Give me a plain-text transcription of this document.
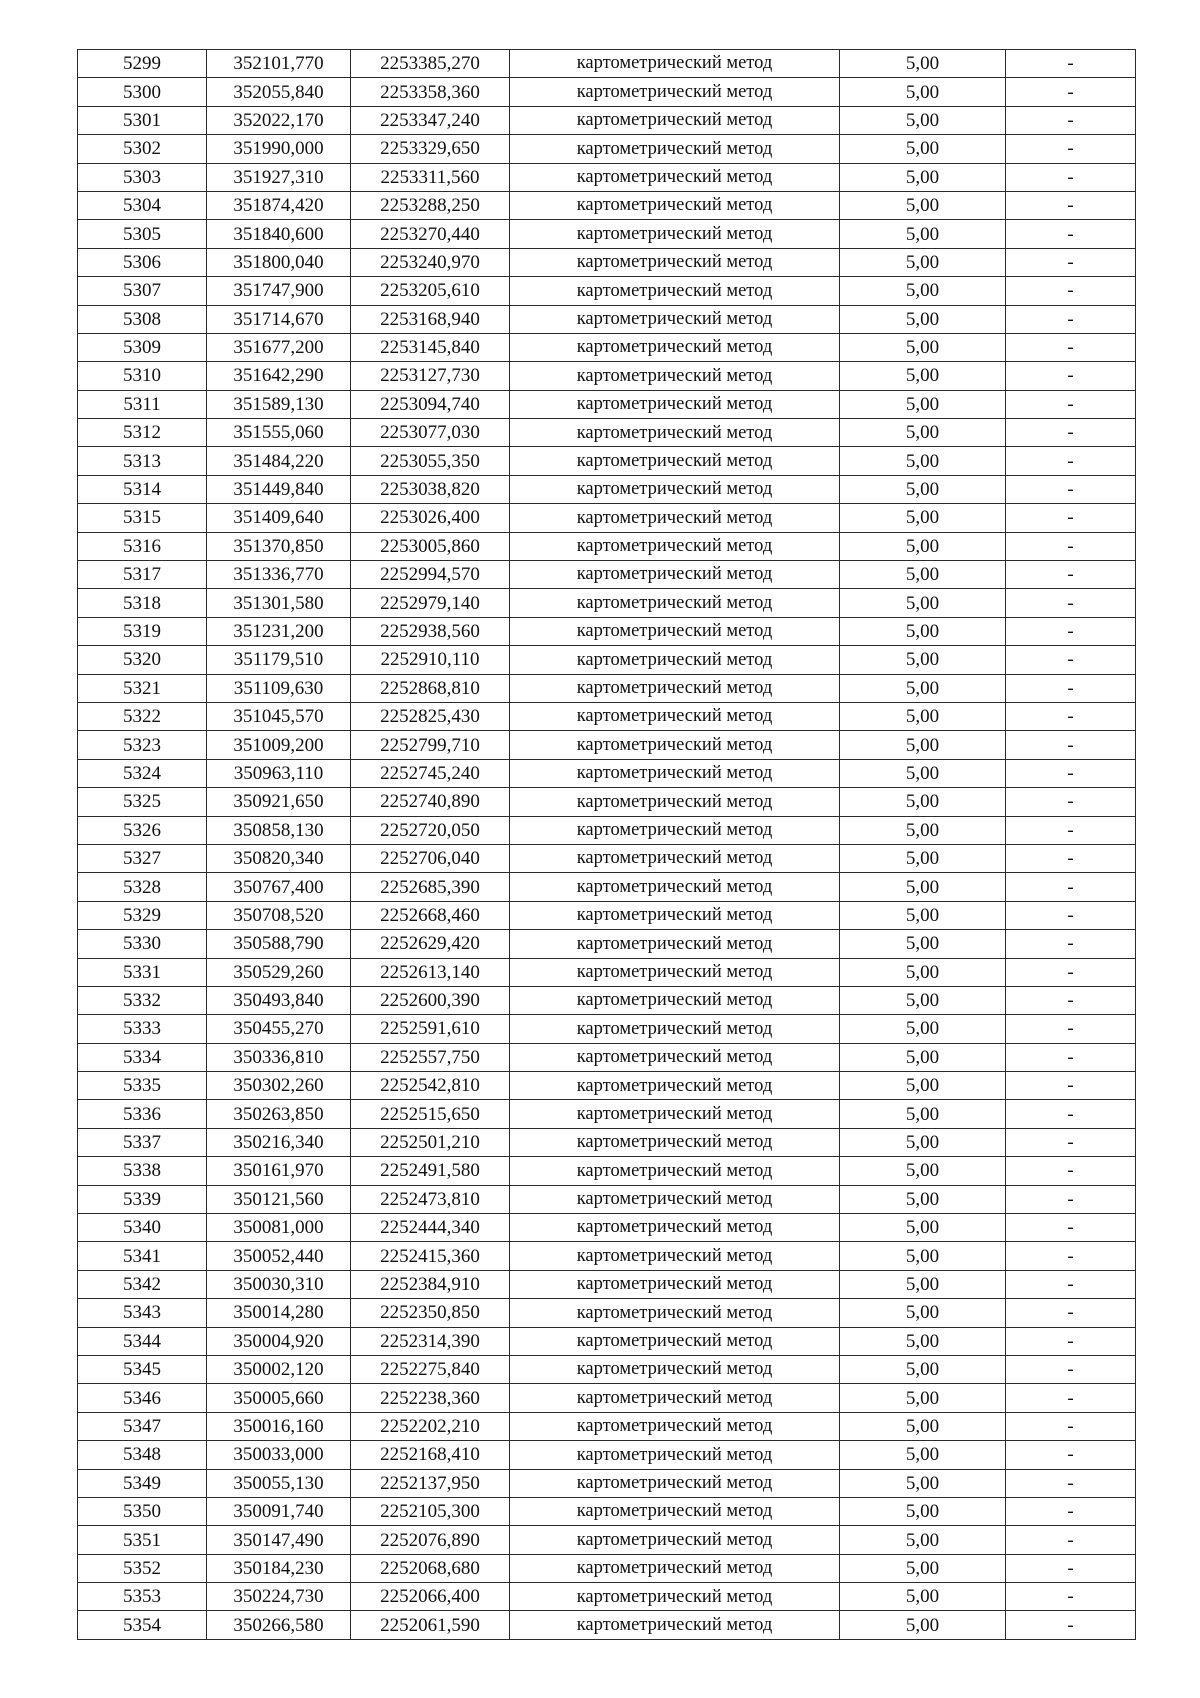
5299	352101,770	2253385,270	картометрический метод	5,00	-
5300	352055,840	2253358,360	картометрический метод	5,00	-
5301	352022,170	2253347,240	картометрический метод	5,00	-
5302	351990,000	2253329,650	картометрический метод	5,00	-
5303	351927,310	2253311,560	картометрический метод	5,00	-
5304	351874,420	2253288,250	картометрический метод	5,00	-
5305	351840,600	2253270,440	картометрический метод	5,00	-
5306	351800,040	2253240,970	картометрический метод	5,00	-
5307	351747,900	2253205,610	картометрический метод	5,00	-
5308	351714,670	2253168,940	картометрический метод	5,00	-
5309	351677,200	2253145,840	картометрический метод	5,00	-
5310	351642,290	2253127,730	картометрический метод	5,00	-
5311	351589,130	2253094,740	картометрический метод	5,00	-
5312	351555,060	2253077,030	картометрический метод	5,00	-
5313	351484,220	2253055,350	картометрический метод	5,00	-
5314	351449,840	2253038,820	картометрический метод	5,00	-
5315	351409,640	2253026,400	картометрический метод	5,00	-
5316	351370,850	2253005,860	картометрический метод	5,00	-
5317	351336,770	2252994,570	картометрический метод	5,00	-
5318	351301,580	2252979,140	картометрический метод	5,00	-
5319	351231,200	2252938,560	картометрический метод	5,00	-
5320	351179,510	2252910,110	картометрический метод	5,00	-
5321	351109,630	2252868,810	картометрический метод	5,00	-
5322	351045,570	2252825,430	картометрический метод	5,00	-
5323	351009,200	2252799,710	картометрический метод	5,00	-
5324	350963,110	2252745,240	картометрический метод	5,00	-
5325	350921,650	2252740,890	картометрический метод	5,00	-
5326	350858,130	2252720,050	картометрический метод	5,00	-
5327	350820,340	2252706,040	картометрический метод	5,00	-
5328	350767,400	2252685,390	картометрический метод	5,00	-
5329	350708,520	2252668,460	картометрический метод	5,00	-
5330	350588,790	2252629,420	картометрический метод	5,00	-
5331	350529,260	2252613,140	картометрический метод	5,00	-
5332	350493,840	2252600,390	картометрический метод	5,00	-
5333	350455,270	2252591,610	картометрический метод	5,00	-
5334	350336,810	2252557,750	картометрический метод	5,00	-
5335	350302,260	2252542,810	картометрический метод	5,00	-
5336	350263,850	2252515,650	картометрический метод	5,00	-
5337	350216,340	2252501,210	картометрический метод	5,00	-
5338	350161,970	2252491,580	картометрический метод	5,00	-
5339	350121,560	2252473,810	картометрический метод	5,00	-
5340	350081,000	2252444,340	картометрический метод	5,00	-
5341	350052,440	2252415,360	картометрический метод	5,00	-
5342	350030,310	2252384,910	картометрический метод	5,00	-
5343	350014,280	2252350,850	картометрический метод	5,00	-
5344	350004,920	2252314,390	картометрический метод	5,00	-
5345	350002,120	2252275,840	картометрический метод	5,00	-
5346	350005,660	2252238,360	картометрический метод	5,00	-
5347	350016,160	2252202,210	картометрический метод	5,00	-
5348	350033,000	2252168,410	картометрический метод	5,00	-
5349	350055,130	2252137,950	картометрический метод	5,00	-
5350	350091,740	2252105,300	картометрический метод	5,00	-
5351	350147,490	2252076,890	картометрический метод	5,00	-
5352	350184,230	2252068,680	картометрический метод	5,00	-
5353	350224,730	2252066,400	картометрический метод	5,00	-
5354	350266,580	2252061,590	картометрический метод	5,00	-
